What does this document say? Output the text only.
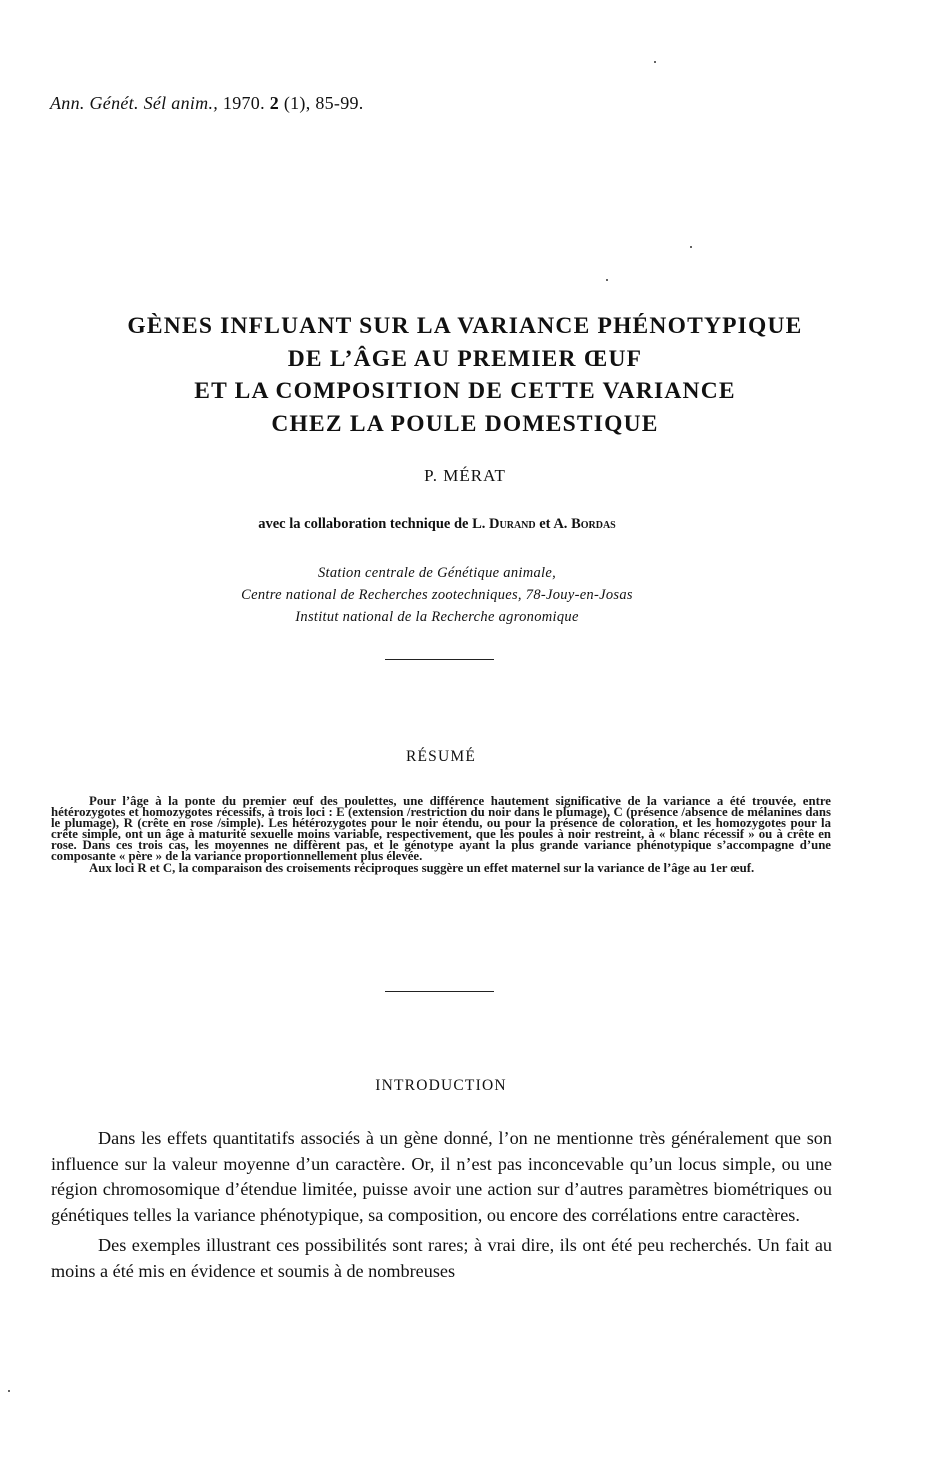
Ann. Génét. Sél anim., 1970. 2 (1), 85-99.
GÈNES INFLUANT SUR LA VARIANCE PHÉNOTYPIQUE
DE L’ÂGE AU PREMIER ŒUF
ET LA COMPOSITION DE CETTE VARIANCE
CHEZ LA POULE DOMESTIQUE
P. MÉRAT
avec la collaboration technique de L. Durand et A. Bordas
Station centrale de Génétique animale,
Centre national de Recherches zootechniques, 78-Jouy-en-Josas
Institut national de la Recherche agronomique
RÉSUMÉ

Pour l’âge à la ponte du premier œuf des poulettes, une différence hautement significative de la variance a été trouvée, entre hétérozygotes et homozygotes récessifs, à trois loci : E (extension /restriction du noir dans le plumage), C (présence /absence de mélanines dans le plumage), R (crête en rose /simple). Les hétérozygotes pour le noir étendu, ou pour la présence de coloration, et les homozygotes pour la crête simple, ont un âge à maturité sexuelle moins variable, respectivement, que les poules à noir restreint, à « blanc récessif » ou à crête en rose. Dans ces trois cas, les moyennes ne diffèrent pas, et le génotype ayant la plus grande variance phénotypique s’accompagne d’une composante « père » de la variance proportionnellement plus élevée.

Aux loci R et C, la comparaison des croisements réciproques suggère un effet maternel sur la variance de l’âge au 1er œuf.

INTRODUCTION

Dans les effets quantitatifs associés à un gène donné, l’on ne mentionne très généralement que son influence sur la valeur moyenne d’un caractère. Or, il n’est pas inconcevable qu’un locus simple, ou une région chromosomique d’étendue limitée, puisse avoir une action sur d’autres paramètres biométriques ou génétiques telles la variance phénotypique, sa composition, ou encore des corrélations entre caractères.

Des exemples illustrant ces possibilités sont rares; à vrai dire, ils ont été peu recherchés. Un fait au moins a été mis en évidence et soumis à de nombreuses
